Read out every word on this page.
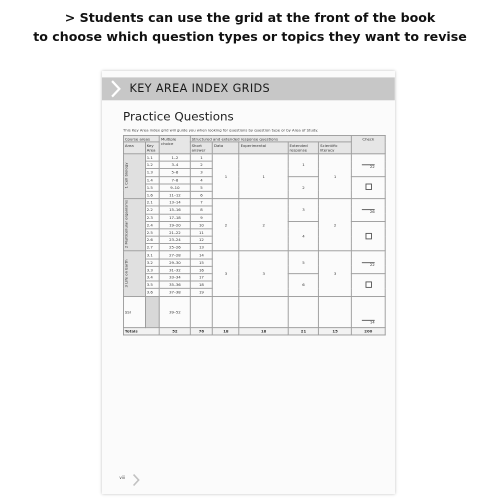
> Students can use the grid at the front of the book
to choose which question types or topics they want to revise
KEY AREA INDEX GRIDS
Practice Questions
This Key Area index grid will guide you when looking for questions by question type or by Area of Study.
Course areas		Multiple choice	Structured and extended response questions					Check
Area	Key Area		Short answer	Data	Experimental	Extended response	Scientific literacy	
1 Cell biology	1.1	1–2	1	1	1	1	1	22
	1.2	3–4	2					
	1.3	5–6	3					
	1.4	7–8	4			2		
	1.5	9–10	5					
	1.6	11–12	6					
2 Multicellular organisms	2.1	13–14	7	2	2	3	2	26
	2.2	15–16	8					
	2.3	17–18	9					
	2.4	19–20	10			4		
	2.5	21–22	11					
	2.6	23–24	12					
	2.7	25–26	13					
3 Life on Earth	3.1	27–28	14	3	3	5	3	22
	3.2	29–30	15					
	3.3	31–32	16					
	3.4	33–34	17			6		
	3.5	35–36	18					
	3.6	37–38	19					
SSI		39–52						14
Totals		52	76	18	18	21	15	200
viii
